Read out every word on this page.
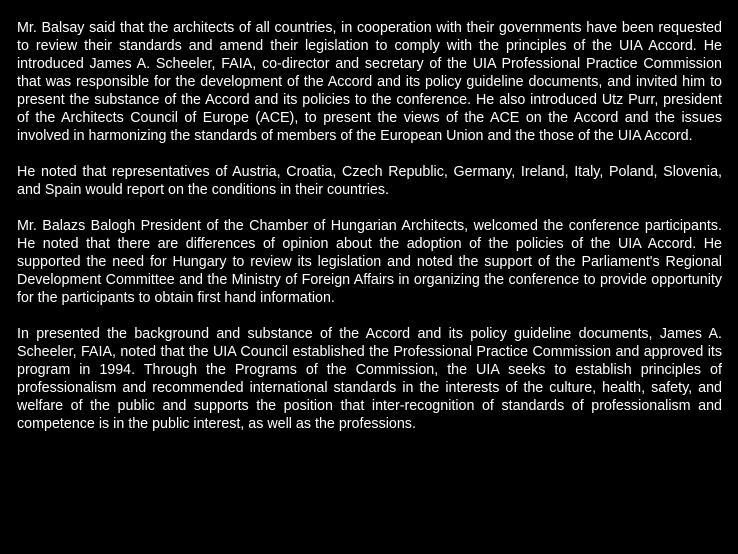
Mr. Balsay said that the architects of all countries, in cooperation with their governments have been requested to review their standards and amend their legislation to comply with the principles of the UIA Accord. He introduced James A. Scheeler, FAIA, co-director and secretary of the UIA Professional Practice Commission that was responsible for the development of the Accord and its policy guideline documents, and invited him to present the substance of the Accord and its policies to the conference. He also introduced Utz Purr, president of the Architects Council of Europe (ACE), to present the views of the ACE on the Accord and the issues involved in harmonizing the standards of members of the European Union and the those of the UIA Accord.

He noted that representatives of Austria, Croatia, Czech Republic, Germany, Ireland, Italy, Poland, Slovenia, and Spain would report on the conditions in their countries.

Mr. Balazs Balogh President of the Chamber of Hungarian Architects, welcomed the conference participants. He noted that there are differences of opinion about the adoption of the policies of the UIA Accord. He supported the need for Hungary to review its legislation and noted the support of the Parliament's Regional Development Committee and the Ministry of Foreign Affairs in organizing the conference to provide opportunity for the participants to obtain first hand information.

In presented the background and substance of the Accord and its policy guideline documents, James A. Scheeler, FAIA, noted that the UIA Council established the Professional Practice Commission and approved its program in 1994. Through the Programs of the Commission, the UIA seeks to establish principles of professionalism and recommended international standards in the interests of the culture, health, safety, and welfare of the public and supports the position that inter-recognition of standards of professionalism and competence is in the public interest, as well as the professions.
